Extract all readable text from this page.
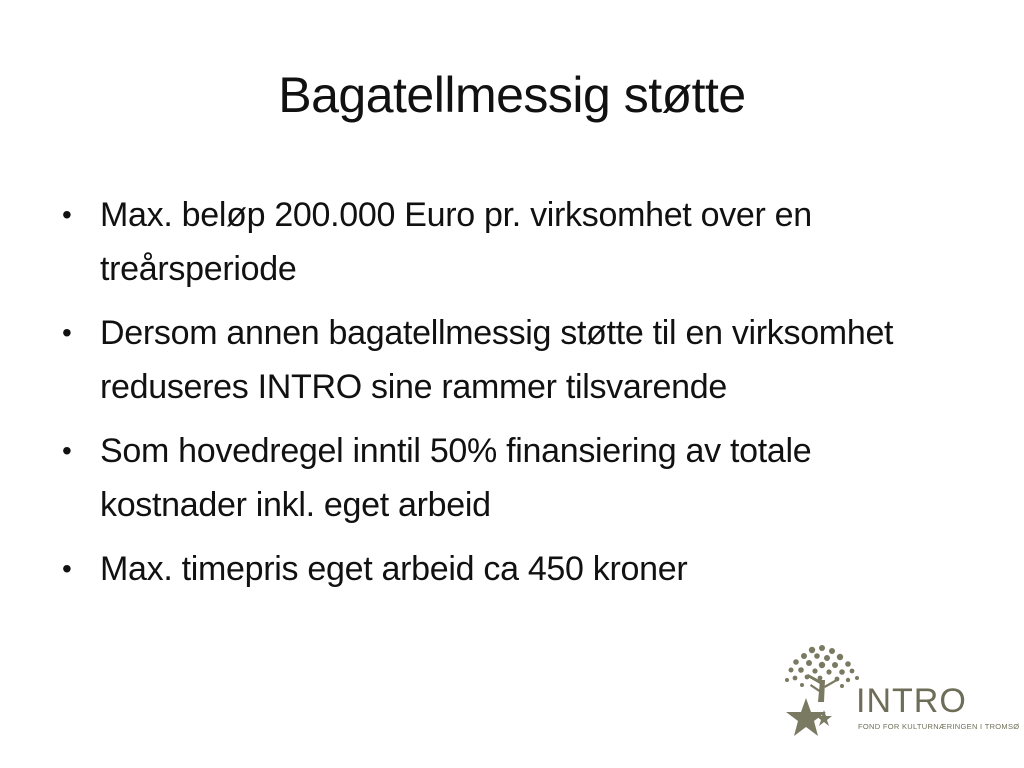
Bagatellmessig støtte
• Max. beløp 200.000 Euro pr. virksomhet over en treårsperiode
• Dersom annen bagatellmessig støtte til en virksomhet reduseres INTRO sine rammer tilsvarende
• Som hovedregel inntil 50% finansiering av totale kostnader inkl. eget arbeid
• Max. timepris eget arbeid ca 450 kroner
INTRO
FOND FOR KULTURNÆRINGEN I TROMSØ
